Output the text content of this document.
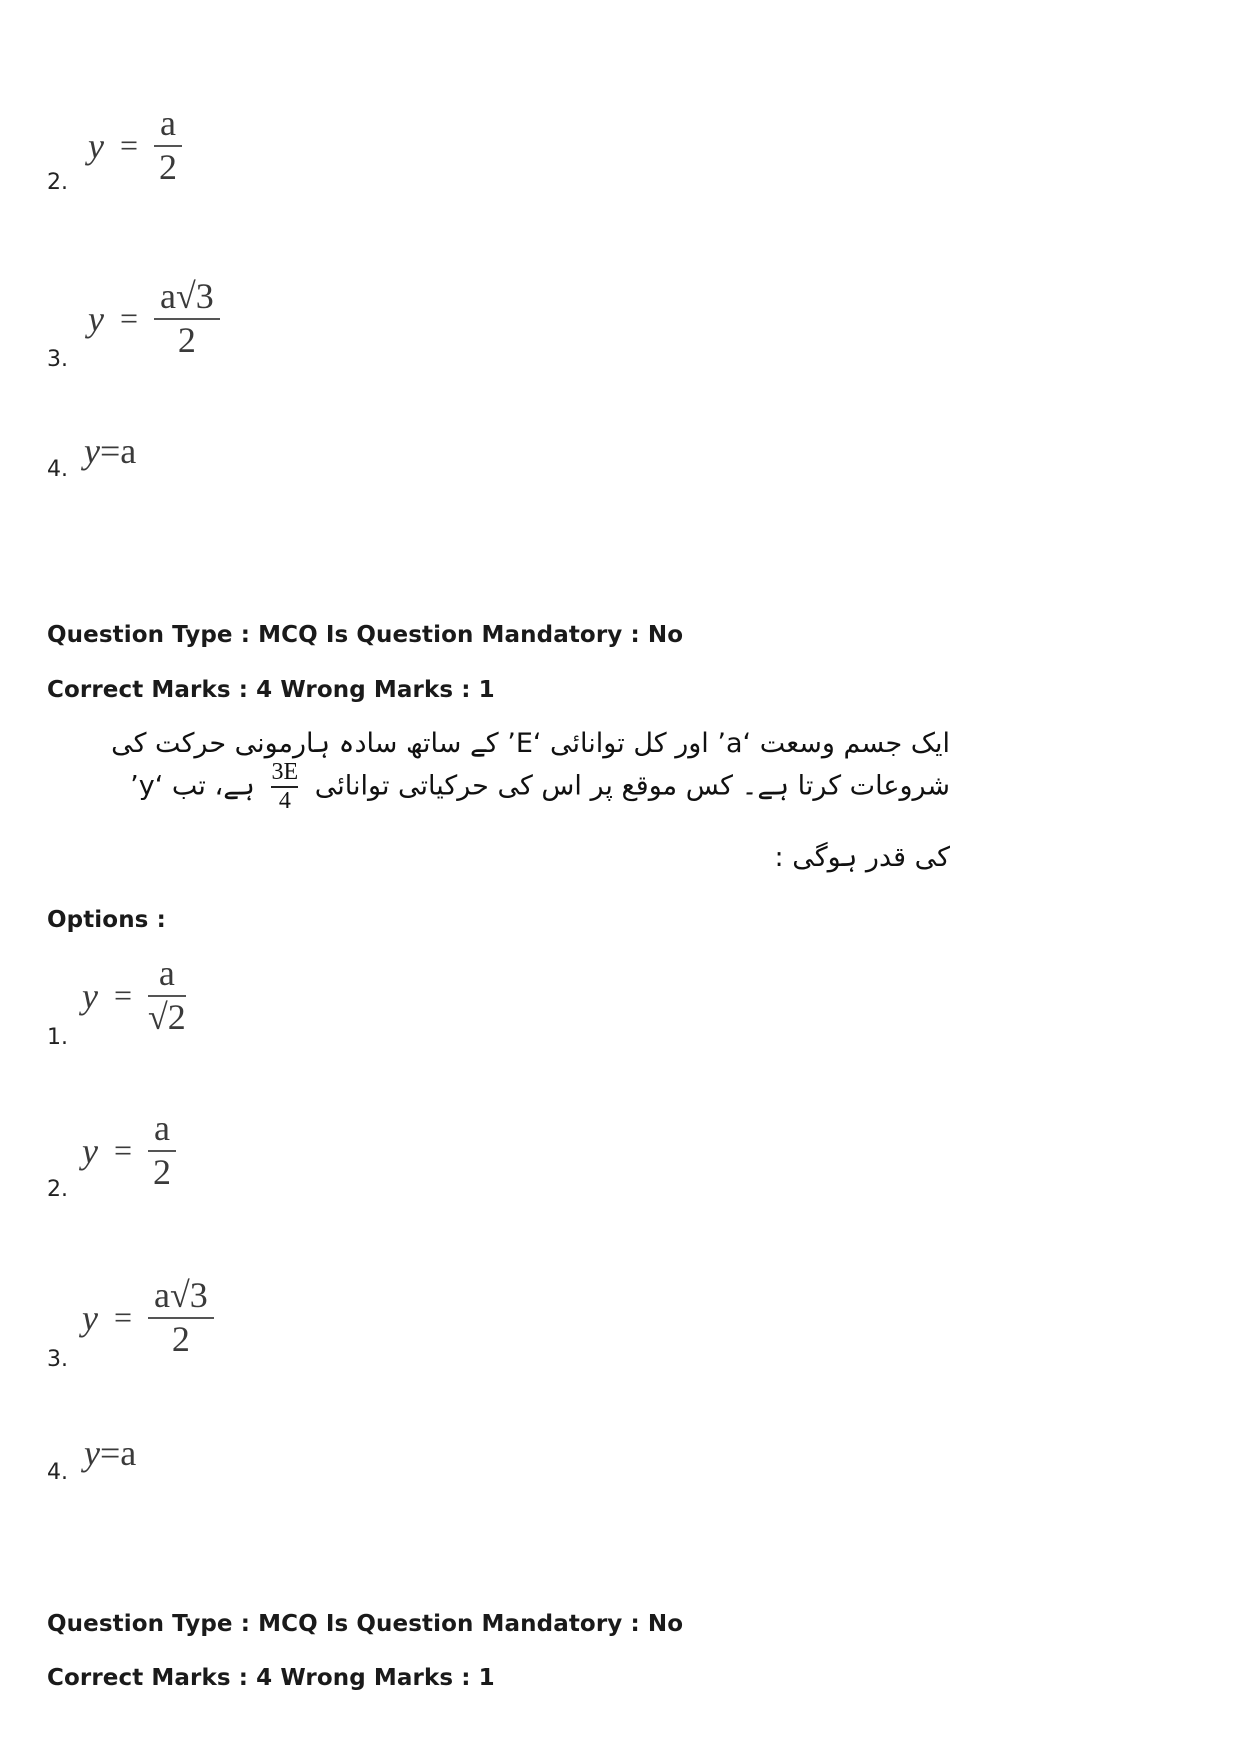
2.
$y = \frac{a}{2}$
3.
$y = \frac{a√3}{2}$
4. y=a
Question Type : MCQ Is Question Mandatory : No
Correct Marks : 4 Wrong Marks : 1
ایک جسم وسعت ‘a’ اور کل توانائی ‘E’ کے ساتھ سادہ ہارمونی حرکت کی شروعات کرتا ہے۔ کس موقع پر اس کی حرکیاتی توانائی
$\frac{3E}{4}$
ہے، تب ‘y’
کی قدر ہوگی :
Options :
1.
$y = \frac{a}{√2}$
2.
$y = \frac{a}{2}$
3.
$y = \frac{a√3}{2}$
4. y=a
Question Type : MCQ Is Question Mandatory : No
Correct Marks : 4 Wrong Marks : 1
